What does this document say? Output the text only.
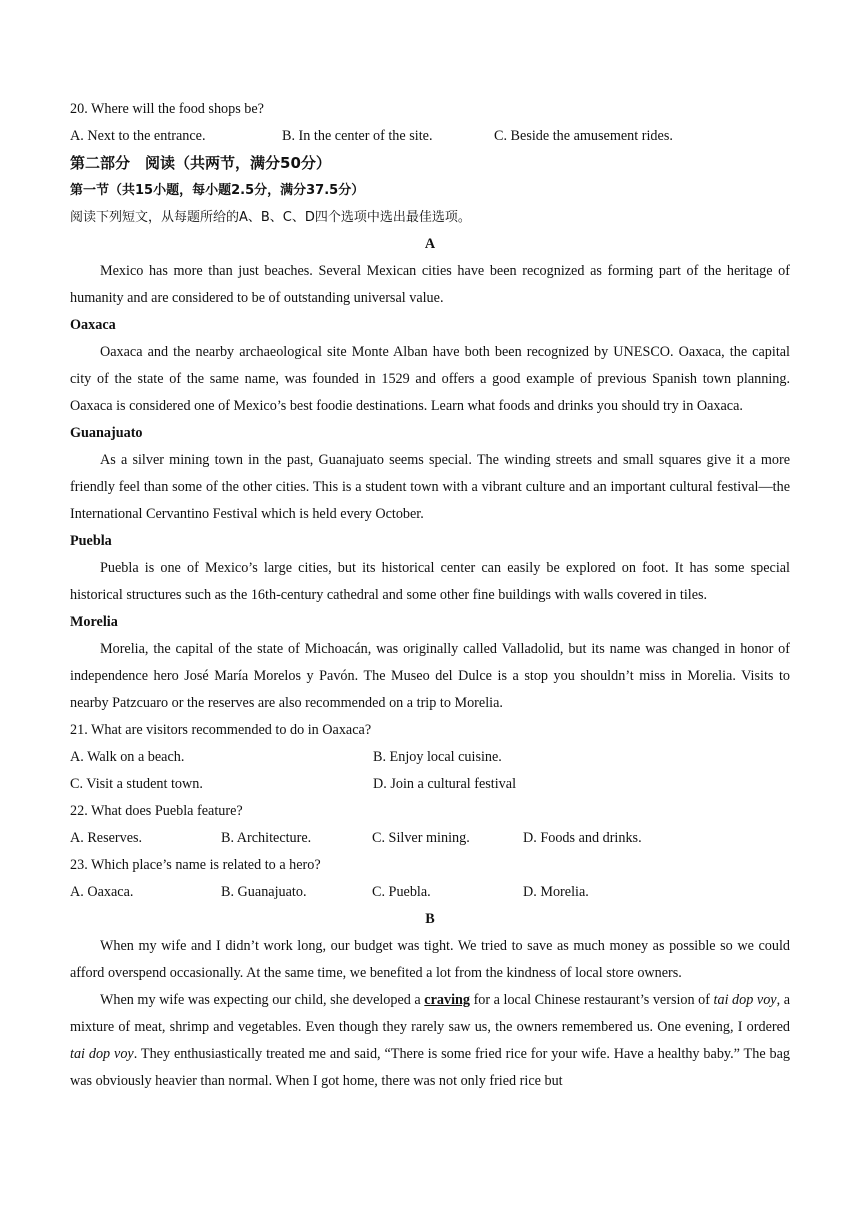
20. Where will the food shops be?

A. Next to the entrance.	B. In the center of the site.	C. Beside the amusement rides.

第二部分　阅读（共两节，满分50分）

第一节（共15小题，每小题2.5分，满分37.5分）

阅读下列短文，从每题所给的A、B、C、D四个选项中选出最佳选项。

A

Mexico has more than just beaches. Several Mexican cities have been recognized as forming part of the heritage of humanity and are considered to be of outstanding universal value.

Oaxaca

Oaxaca and the nearby archaeological site Monte Alban have both been recognized by UNESCO. Oaxaca, the capital city of the state of the same name, was founded in 1529 and offers a good example of previous Spanish town planning. Oaxaca is considered one of Mexico’s best foodie destinations. Learn what foods and drinks you should try in Oaxaca.

Guanajuato

As a silver mining town in the past, Guanajuato seems special. The winding streets and small squares give it a more friendly feel than some of the other cities. This is a student town with a vibrant culture and an important cultural festival—the International Cervantino Festival which is held every October.

Puebla

Puebla is one of Mexico’s large cities, but its historical center can easily be explored on foot. It has some special historical structures such as the 16th-century cathedral and some other fine buildings with walls covered in tiles.

Morelia

Morelia, the capital of the state of Michoacán, was originally called Valladolid, but its name was changed in honor of independence hero José María Morelos y Pavón. The Museo del Dulce is a stop you shouldn’t miss in Morelia. Visits to nearby Patzcuaro or the reserves are also recommended on a trip to Morelia.

21. What are visitors recommended to do in Oaxaca?

A. Walk on a beach.	B. Enjoy local cuisine.
C. Visit a student town.	D. Join a cultural festival

22. What does Puebla feature?

A. Reserves.	B. Architecture.	C. Silver mining.	D. Foods and drinks.

23. Which place’s name is related to a hero?

A. Oaxaca.	B. Guanajuato.	C. Puebla.	D. Morelia.

B

When my wife and I didn’t work long, our budget was tight. We tried to save as much money as possible so we could afford overspend occasionally. At the same time, we benefited a lot from the kindness of local store owners.

When my wife was expecting our child, she developed a craving for a local Chinese restaurant’s version of tai dop voy, a mixture of meat, shrimp and vegetables. Even though they rarely saw us, the owners remembered us. One evening, I ordered tai dop voy. They enthusiastically treated me and said, “There is some fried rice for your wife. Have a healthy baby.” The bag was obviously heavier than normal. When I got home, there was not only fried rice but
